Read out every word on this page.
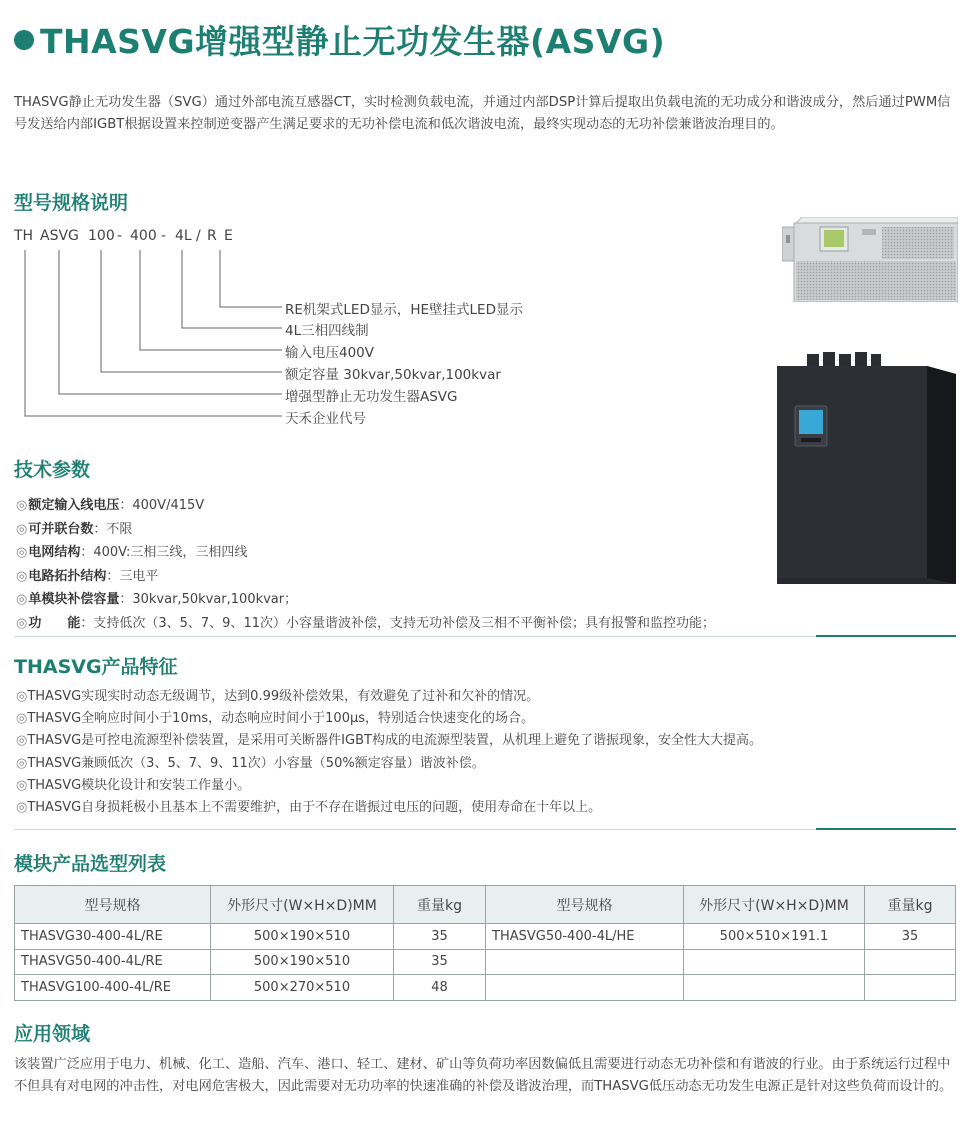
THASVG增强型静止无功发生器(ASVG)
THASVG静止无功发生器（SVG）通过外部电流互感器CT，实时检测负载电流，并通过内部DSP计算后提取出负载电流的无功成分和谐波成分，然后通过PWM信号发送给内部IGBT根据设置来控制逆变器产生满足要求的无功补偿电流和低次谐波电流，最终实现动态的无功补偿兼谐波治理目的。
型号规格说明
TH ASVG 100 - 400 - 4L / R E
RE机架式LED显示，HE壁挂式LED显示
4L三相四线制
输入电压400V
额定容量 30kvar,50kvar,100kvar
增强型静止无功发生器ASVG
天禾企业代号
技术参数
◎额定输入线电压：400V/415V
◎可并联台数：不限
◎电网结构：400V:三相三线，三相四线
◎电路拓扑结构：三电平
◎单模块补偿容量：30kvar,50kvar,100kvar；
◎功　　能：支持低次（3、5、7、9、11次）小容量谐波补偿，支持无功补偿及三相不平衡补偿；具有报警和监控功能；
THASVG产品特征
◎THASVG实现实时动态无级调节，达到0.99级补偿效果，有效避免了过补和欠补的情况。
◎THASVG全响应时间小于10ms，动态响应时间小于100μs，特别适合快速变化的场合。
◎THASVG是可控电流源型补偿装置，是采用可关断器件IGBT构成的电流源型装置，从机理上避免了谐振现象，安全性大大提高。
◎THASVG兼顾低次（3、5、7、9、11次）小容量（50%额定容量）谐波补偿。
◎THASVG模块化设计和安装工作量小。
◎THASVG自身损耗极小且基本上不需要维护，由于不存在谐振过电压的问题，使用寿命在十年以上。
模块产品选型列表
型号规格	外形尺寸(W×H×D)MM	重量kg	型号规格	外形尺寸(W×H×D)MM	重量kg
THASVG30-400-4L/RE	500×190×510	35	THASVG50-400-4L/HE	500×510×191.1	35
THASVG50-400-4L/RE	500×190×510	35			
THASVG100-400-4L/RE	500×270×510	48			
应用领域
该装置广泛应用于电力、机械、化工、造船、汽车、港口、轻工、建材、矿山等负荷功率因数偏低且需要进行动态无功补偿和有谐波的行业。由于系统运行过程中不但具有对电网的冲击性，对电网危害极大，因此需要对无功功率的快速准确的补偿及谐波治理，而THASVG低压动态无功发生电源正是针对这些负荷而设计的。
